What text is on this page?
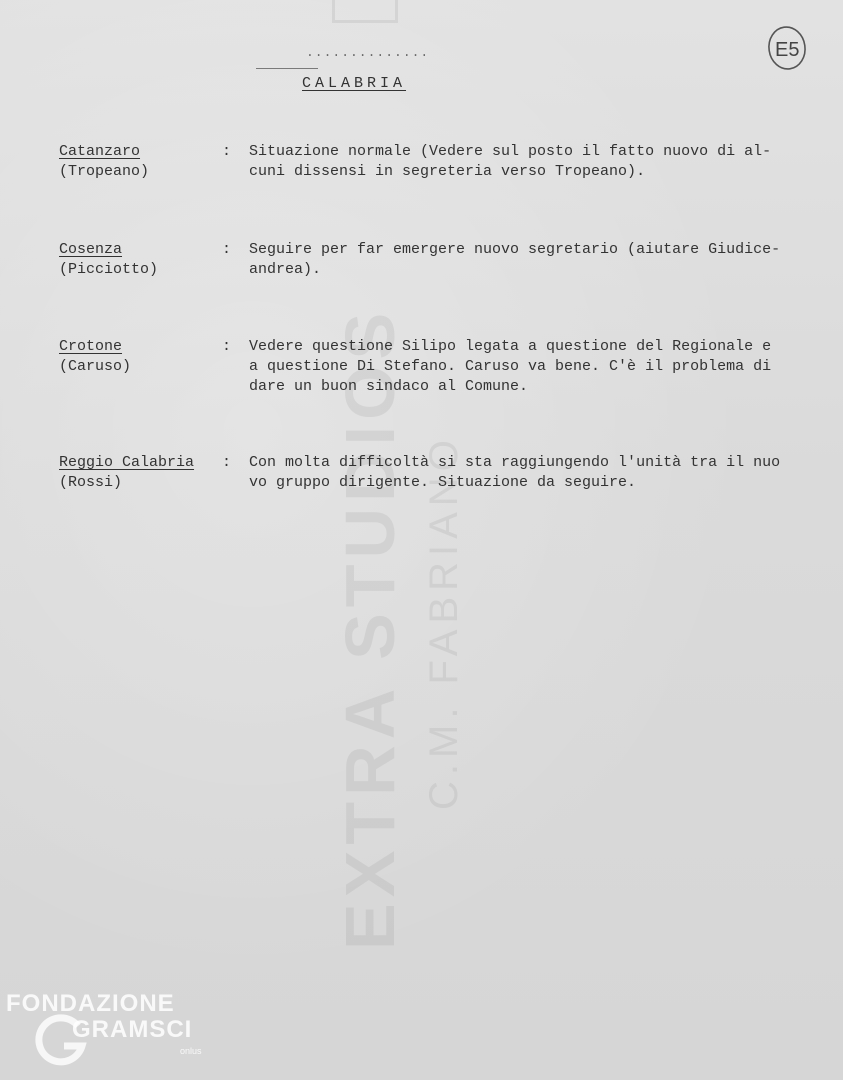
EXTRA STUDIOS C.M. FABRIANO
..............
CALABRIA
E5
Catanzaro
(Tropeano)
: Situazione normale (Vedere sul posto il fatto nuovo di al-
cuni dissensi in segreteria verso Tropeano).
Cosenza
(Picciotto)
: Seguire per far emergere nuovo segretario (aiutare Giudice-
andrea).
Crotone
(Caruso)
: Vedere questione Silipo legata a questione del Regionale e
a questione Di Stefano. Caruso va bene. C'è il problema di
dare un buon sindaco al Comune.
Reggio Calabria
(Rossi)
: Con molta difficoltà si sta raggiungendo l'unità tra il nuo
vo gruppo dirigente. Situazione da seguire.
FONDAZIONE
GRAMSCI
onlus
